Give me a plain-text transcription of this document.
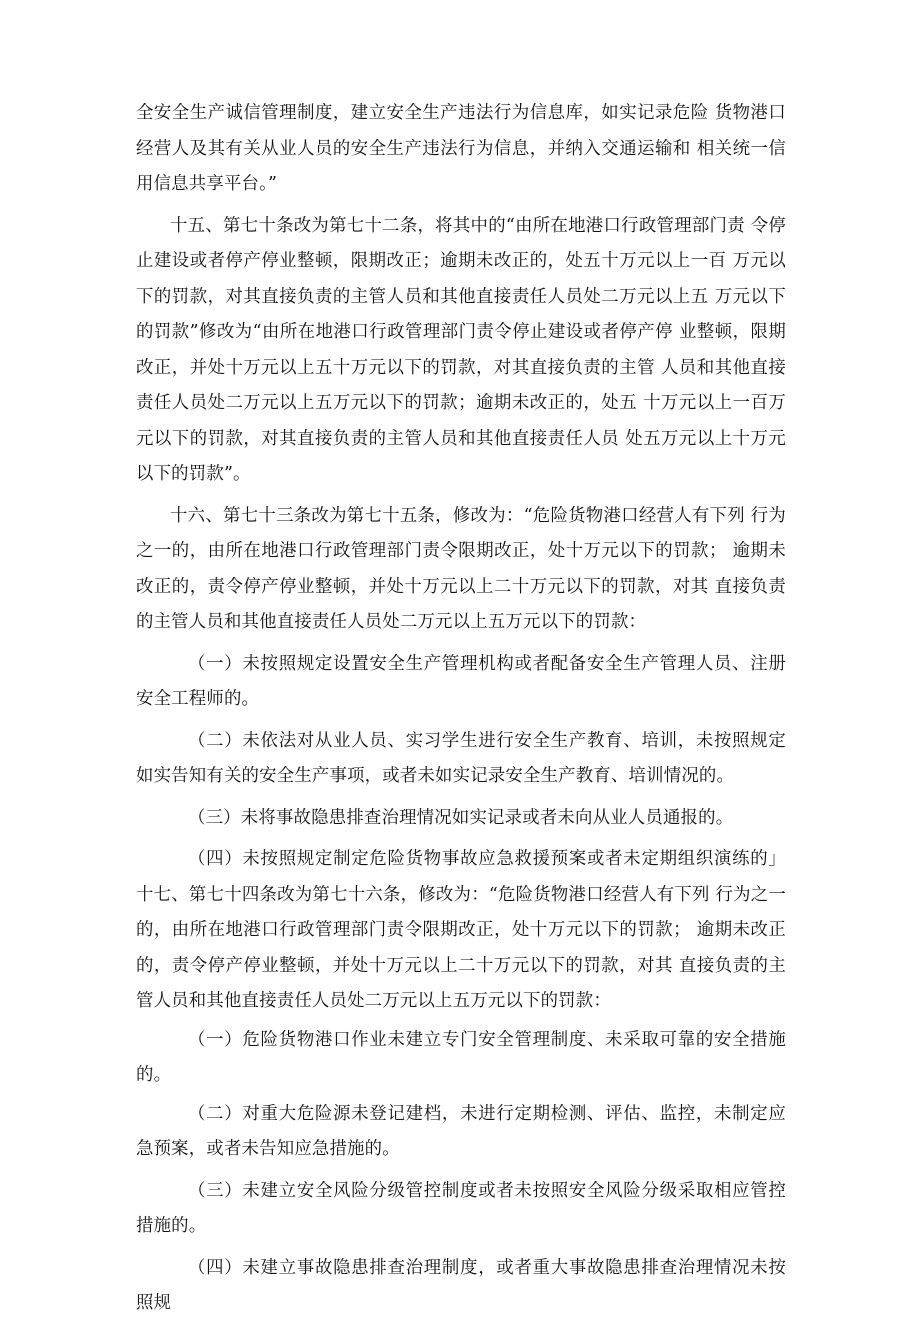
全安全生产诚信管理制度，建立安全生产违法行为信息库，如实记录危险 货物港口经营人及其有关从业人员的安全生产违法行为信息，并纳入交通运输和 相关统一信用信息共享平台。”

十五、第七十条改为第七十二条，将其中的“由所在地港口行政管理部门责 令停止建设或者停产停业整顿，限期改正；逾期未改正的，处五十万元以上一百 万元以下的罚款，对其直接负责的主管人员和其他直接责任人员处二万元以上五 万元以下的罚款”修改为“由所在地港口行政管理部门责令停止建设或者停产停 业整顿，限期改正，并处十万元以上五十万元以下的罚款，对其直接负责的主管 人员和其他直接责任人员处二万元以上五万元以下的罚款；逾期未改正的，处五 十万元以上一百万元以下的罚款，对其直接负责的主管人员和其他直接责任人员 处五万元以上十万元以下的罚款”。

十六、第七十三条改为第七十五条，修改为：“危险货物港口经营人有下列 行为之一的，由所在地港口行政管理部门责令限期改正，处十万元以下的罚款； 逾期未改正的，责令停产停业整顿，并处十万元以上二十万元以下的罚款，对其 直接负责的主管人员和其他直接责任人员处二万元以上五万元以下的罚款：

（一）未按照规定设置安全生产管理机构或者配备安全生产管理人员、注册 安全工程师的。

（二）未依法对从业人员、实习学生进行安全生产教育、培训，未按照规定 如实告知有关的安全生产事项，或者未如实记录安全生产教育、培训情况的。

（三）未将事故隐患排查治理情况如实记录或者未向从业人员通报的。

（四）未按照规定制定危险货物事故应急救援预案或者未定期组织演练的」 十七、第七十四条改为第七十六条，修改为：“危险货物港口经营人有下列 行为之一的，由所在地港口行政管理部门责令限期改正，处十万元以下的罚款； 逾期未改正的，责令停产停业整顿，并处十万元以上二十万元以下的罚款，对其 直接负责的主管人员和其他直接责任人员处二万元以上五万元以下的罚款：

（一）危险货物港口作业未建立专门安全管理制度、未采取可靠的安全措施 的。

（二）对重大危险源未登记建档，未进行定期检测、评估、监控，未制定应 急预案，或者未告知应急措施的。

（三）未建立安全风险分级管控制度或者未按照安全风险分级采取相应管控 措施的。

（四）未建立事故隐患排查治理制度，或者重大事故隐患排查治理情况未按 照规
